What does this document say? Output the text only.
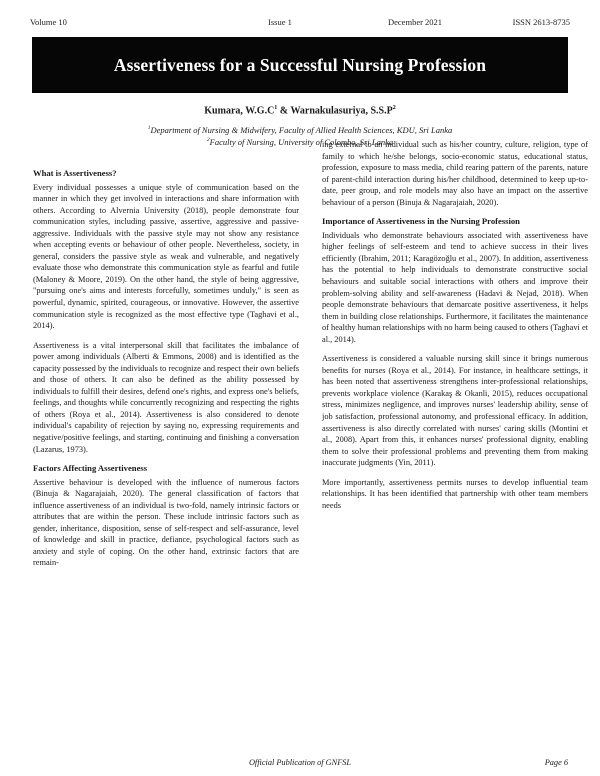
Volume 10	Issue 1	December 2021	ISSN 2613-8735
Assertiveness for a Successful Nursing Profession
Kumara, $W.G.C^1$ & Warnakulasuriya, $S.S.P^2$
$^1$Department of Nursing & Midwifery, Faculty of Allied Health Sciences, KDU, Sri Lanka
$^2$Faculty of Nursing, University of Colombo, Sri Lanka
What is Assertiveness?

Every individual possesses a unique style of communication based on the manner in which they get involved in interactions and share information with others. According to Alvernia University (2018), people demonstrate four communication styles, including passive, assertive, aggressive and passive-aggressive. Individuals with the passive style may not show any resistance when accepting events or behaviour of other people. Nevertheless, society, in general, considers the passive style as weak and vulnerable, and negatively evaluate those who demonstrate this communication style as fearful and futile (Maloney & Moore, 2019). On the other hand, the style of being aggressive, "pursuing one's aims and interests forcefully, sometimes unduly," is seen as powerful, dynamic, spirited, courageous, or innovative. However, the assertive communication style is recognized as the most effective type (Taghavi et al., 2014).

Assertiveness is a vital interpersonal skill that facilitates the imbalance of power among individuals (Alberti & Emmons, 2008) and is identified as the capacity possessed by the individuals to recognize and respect their own beliefs and those of others. It can also be defined as the ability possessed by individuals to fulfill their desires, defend one's rights, and express one's beliefs, feelings, and thoughts while concurrently recognizing and respecting the rights of others (Roya et al., 2014). Assertiveness is also considered to denote individual's capability of rejection by saying no, expressing requirements and negative/positive feelings, and starting, continuing and finishing a conversation (Lazarus, 1973).

Factors Affecting Assertiveness

Assertive behaviour is developed with the influence of numerous factors (Binuja & Nagarajaiah, 2020). The general classification of factors that influence assertiveness of an individual is two-fold, namely intrinsic factors or attributes that are within the person. These include intrinsic factors such as gender, inheritance, disposition, sense of self-respect and self-assurance, level of knowledge and skill in practice, defiance, psychological factors such as anxiety and style of coping. On the other hand, extrinsic factors that are remain-

ing external to an individual such as his/her country, culture, religion, type of family to which he/she belongs, socio-economic status, educational status, profession, exposure to mass media, child rearing pattern of the parents, nature of parent-child interaction during his/her childhood, determined to keep up-to-date, peer group, and role models may also have an impact on the assertive behaviour of a person (Binuja & Nagarajaiah, 2020).

Importance of Assertiveness in the Nursing Profession

Individuals who demonstrate behaviours associated with assertiveness have higher feelings of self-esteem and tend to achieve success in their lives efficiently (Ibrahim, 2011; Karagözoğlu et al., 2007). In addition, assertiveness has the potential to help individuals to demonstrate constructive social behaviours and suitable social interactions with others and improve their problem-solving ability and self-awareness (Hadavi & Nejad, 2018). When people demonstrate behaviours that demarcate positive assertiveness, it helps them in building close relationships. Furthermore, it facilitates the maintenance of healthy human relationships with no harm being caused to others (Taghavi et al., 2014).

Assertiveness is considered a valuable nursing skill since it brings numerous benefits for nurses (Roya et al., 2014). For instance, in healthcare settings, it has been noted that assertiveness strengthens inter-professional relationships, prevents workplace violence (Karakaş & Okanli, 2015), reduces occupational stress, minimizes negligence, and improves nurses' leadership ability, sense of job satisfaction, professional autonomy, and professional efficacy. In addition, assertiveness is also directly correlated with nurses' caring skills (Montini et al., 2008). Apart from this, it enhances nurses' professional dignity, enabling them to solve their professional problems and preventing them from making inaccurate judgments (Yin, 2011).

More importantly, assertiveness permits nurses to develop influential team relationships. It has been identified that partnership with other team members needs

Official Publication of GNFSL	Page 6
